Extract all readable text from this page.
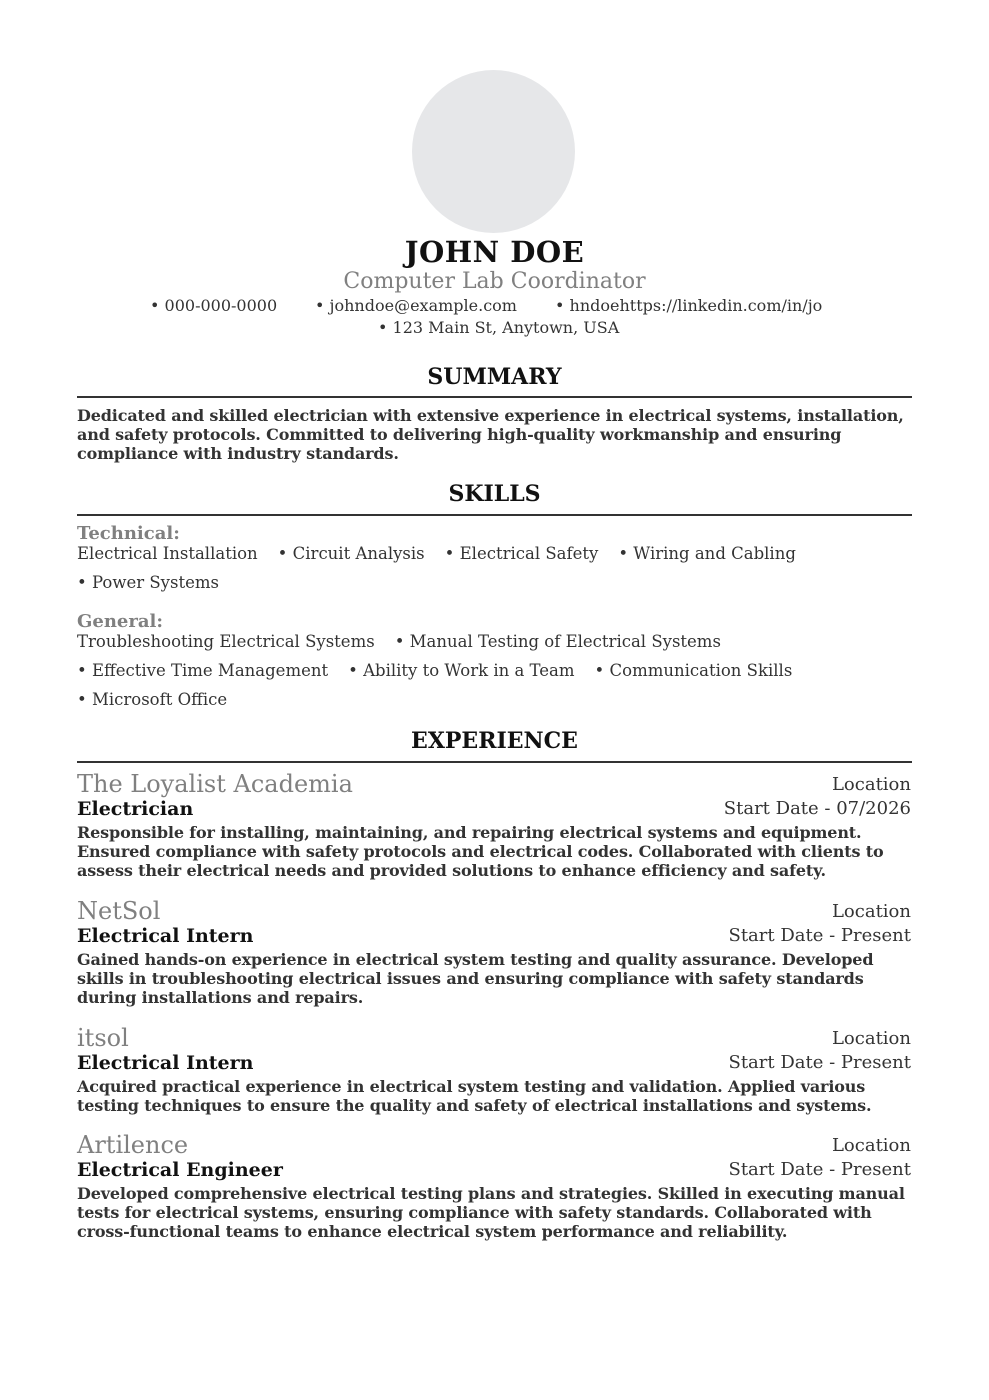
JOHN DOE
Computer Lab Coordinator
• 000-000-0000 • johndoe@example.com • hndoehttps://linkedin.com/in/jo
• 123 Main St, Anytown, USA
SUMMARY
Dedicated and skilled electrician with extensive experience in electrical systems, installation, and safety protocols. Committed to delivering high-quality workmanship and ensuring compliance with industry standards.
SKILLS
Technical:
Electrical Installation • Circuit Analysis • Electrical Safety • Wiring and Cabling
• Power Systems
General:
Troubleshooting Electrical Systems • Manual Testing of Electrical Systems
• Effective Time Management • Ability to Work in a Team • Communication Skills
• Microsoft Office
EXPERIENCE
The Loyalist Academia	Location
Electrician	Start Date - 07/2026
Responsible for installing, maintaining, and repairing electrical systems and equipment. Ensured compliance with safety protocols and electrical codes. Collaborated with clients to assess their electrical needs and provided solutions to enhance efficiency and safety.
NetSol	Location
Electrical Intern	Start Date - Present
Gained hands-on experience in electrical system testing and quality assurance. Developed skills in troubleshooting electrical issues and ensuring compliance with safety standards during installations and repairs.
itsol	Location
Electrical Intern	Start Date - Present
Acquired practical experience in electrical system testing and validation. Applied various testing techniques to ensure the quality and safety of electrical installations and systems.
Artilence	Location
Electrical Engineer	Start Date - Present
Developed comprehensive electrical testing plans and strategies. Skilled in executing manual tests for electrical systems, ensuring compliance with safety standards. Collaborated with cross-functional teams to enhance electrical system performance and reliability.
